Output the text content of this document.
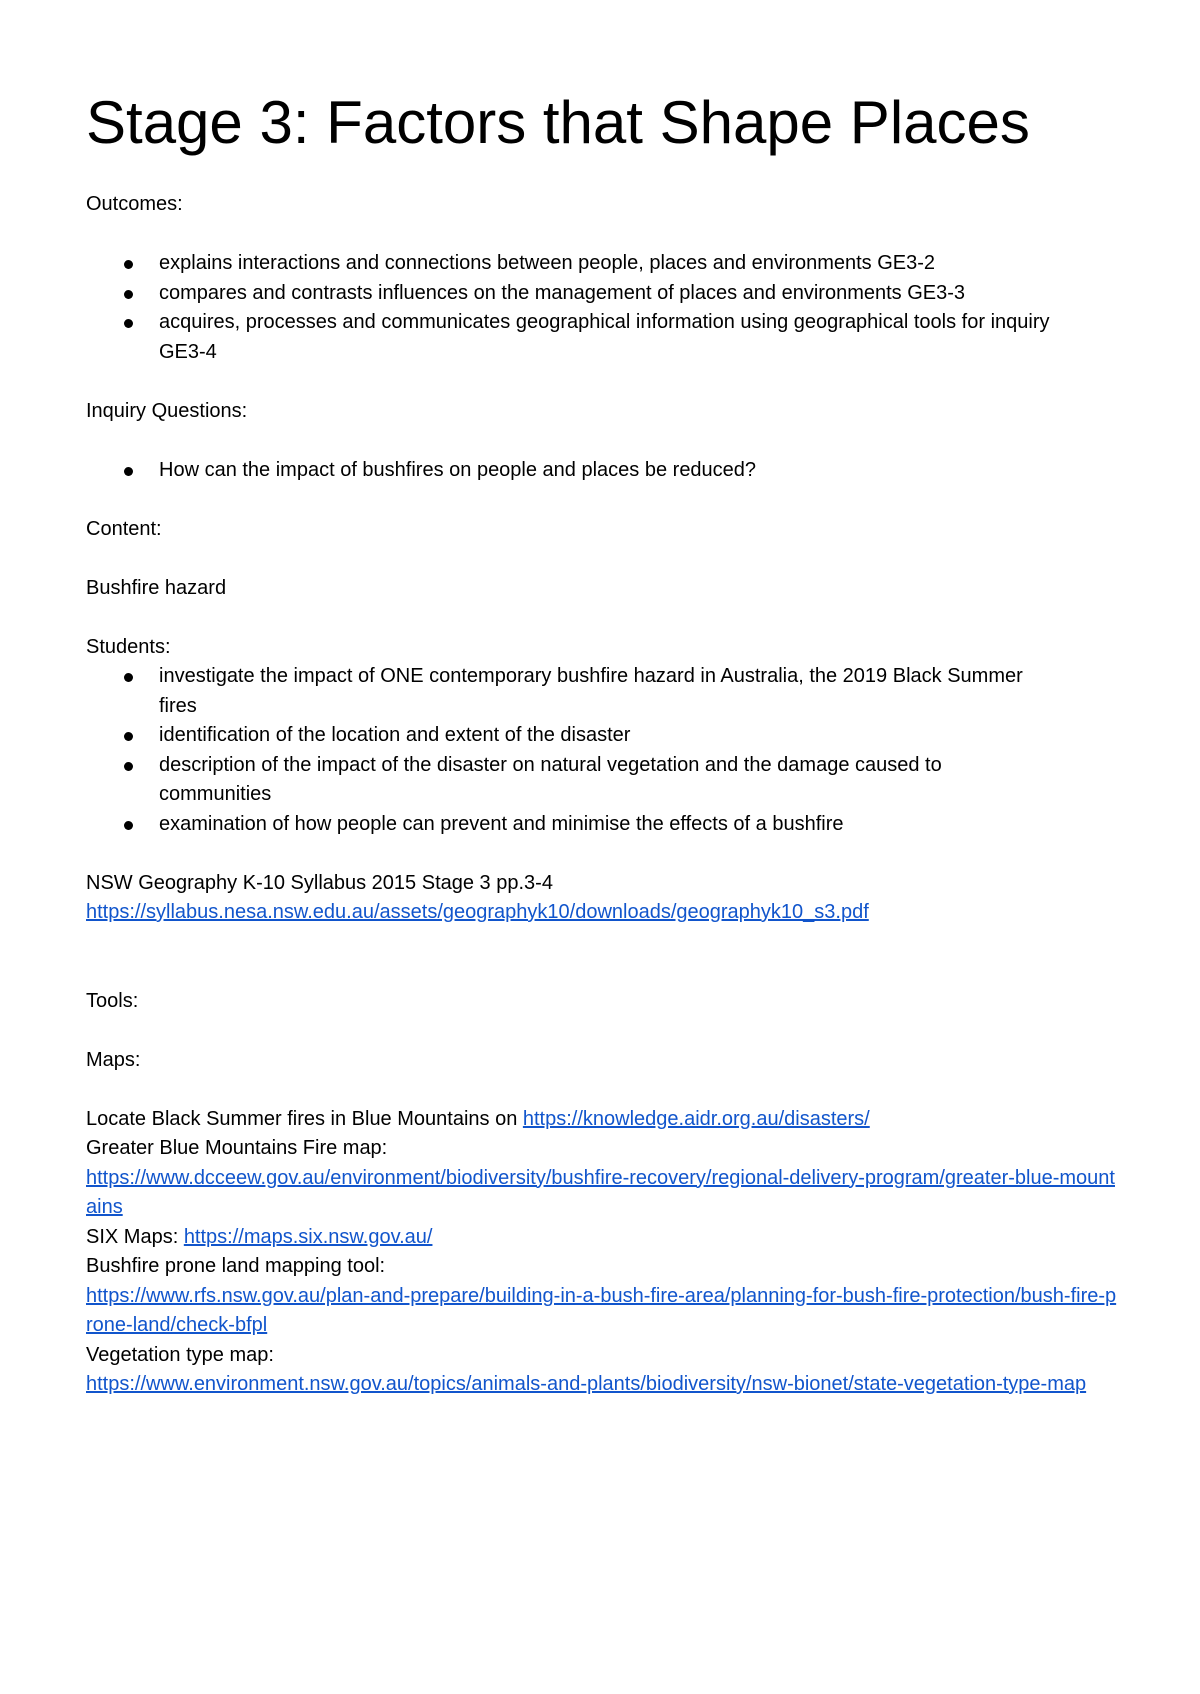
Stage 3: Factors that Shape Places

Outcomes:

explains interactions and connections between people, places and environments GE3-2
compares and contrasts influences on the management of places and environments GE3-3
acquires, processes and communicates geographical information using geographical tools for inquiry GE3-4

Inquiry Questions:

How can the impact of bushfires on people and places be reduced?

Content:

Bushfire hazard

Students:

investigate the impact of ONE contemporary bushfire hazard in Australia, the 2019 Black Summer fires
identification of the location and extent of the disaster
description of the impact of the disaster on natural vegetation and the damage caused to communities
examination of how people can prevent and minimise the effects of a bushfire

NSW Geography K-10 Syllabus 2015 Stage 3 pp.3-4

https://syllabus.nesa.nsw.edu.au/assets/geographyk10/downloads/geographyk10_s3.pdf

Tools:

Maps:

Locate Black Summer fires in Blue Mountains on https://knowledge.aidr.org.au/disasters/

Greater Blue Mountains Fire map:

https://www.dcceew.gov.au/environment/biodiversity/bushfire-recovery/regional-delivery-program/greater-blue-mountains

SIX Maps: https://maps.six.nsw.gov.au/

Bushfire prone land mapping tool:

https://www.rfs.nsw.gov.au/plan-and-prepare/building-in-a-bush-fire-area/planning-for-bush-fire-protection/bush-fire-prone-land/check-bfpl

Vegetation type map:

https://www.environment.nsw.gov.au/topics/animals-and-plants/biodiversity/nsw-bionet/state-vegetation-type-map
